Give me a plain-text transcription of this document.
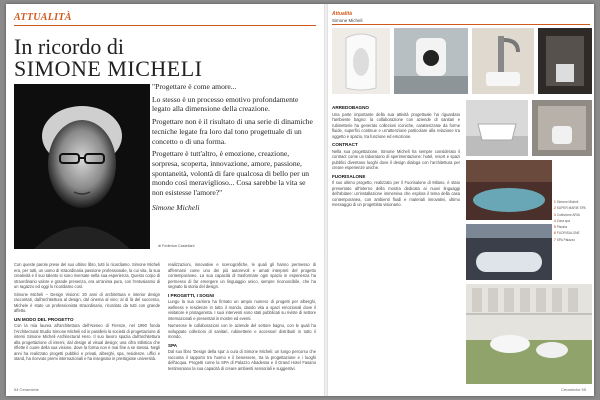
ATTUALITÀ
In ricordo di
SIMONE MICHELI

"Progettare è come amore...

Lo stesso è un processo emotivo profondamente legato alla dimensione della creazione.

Progettare non è il risultato di una serie di dinamiche tecniche legate fra loro dal tono progettuale di un concetto o di una forma.

Progettare è tutt'altro, è emozione, creazione, sorpresa, scoperta, innovazione, amore, passione, spontaneità, volontà di fare qualcosa di bello per un mondo così meraviglioso... Cosa sarebbe la vita se non esistesse l'amore?"

Simone Micheli

di Federica Castellani

Con queste parole prese del suo ultimo libro, tutti lo ricordiamo. Simone Micheli era, per tutti, un uomo di straordinaria passione professionale, la cui vita, la sua creatività e il suo talento si sono riversate nella sua esperienza. Questo corpo di straordinario valore e grande presenza, era un'anima pura, con l'entusiasmo di un ragazzo ed oggi lo ricordiamo così.

Simone Micheli – Design Visions: 30 anni di architettura e interior design raccontati, dall'architettura al design, dal cinema al vino; al di là del successo, Michele è stato un professionista straordinario, ricordato da tutti con grande affetto.

UN MODO DEL PROGETTO

Con la mia laurea all'architettura dell'Ateneo di Firenze, nel 1990 fonda l'Architectural Studio Simone Micheli ed in parallelo la società di progettazione di interni Simone Micheli Architectural Hero. Il suo lavoro spazia dall'architettura alla progettazione di interni, dal design al visual design; una cifra stilistica che riflette il cuore della sua visione, dove la forma non è mai fine a se stessa. Negli anni ha realizzato progetti pubblici e privati, alberghi, spa, residenze, uffici e stand, ha ricevuto premi internazionali e ha insegnato in prestigiose università.

realizzazioni, innovative e scenografiche, le quali gli hanno permesso di affermarsi come uno dei più autorevoli e amati interpreti del progetto contemporaneo. La sua capacità di trasformare ogni spazio in esperienza ha permesso di far emergere un linguaggio unico, sempre riconoscibile, che ha segnato la storia del design.

I PROGETTI, I SOGNI

Lungo la sua carriera ha firmato un ampio numero di progetti per alberghi, wellness e residenze in tutto il mondo, dando vita a spazi emozionali dove il visitatore è protagonista. I suoi interventi sono stati pubblicati su riviste di settore internazionali e presentati in mostre ed eventi.

Numerose le collaborazioni con le aziende del settore bagno, con le quali ha sviluppato collezioni di sanitari, rubinetterie e accessori distribuiti in tutto il mondo.

SPA

Dal suo libro 'Design della spa' a cura di Simone Micheli: un lungo percorso che racconta il rapporto tra l'uomo e il benessere, tra la progettazione e i luoghi dell'acqua. Progetti come la SPA di Palazzo Abadessa e il Grand Hotel Fasano testimoniano la sua capacità di creare ambienti sensoriali e suggestivi.

54 Ceramiche
Attualità
Simone Micheli
ARREDOBAGNO

Una parte importante della sua attività progettuale ha riguardato l'ambiente bagno: la collaborazione con aziende di sanitari e rubinetterie ha generato collezioni iconiche, caratterizzate da forme fluide, superfici continue e un'attenzione particolare alla relazione tra oggetto e spazio, tra funzione ed emozione.

CONTRACT

Nella sua progettazione, Simone Micheli ha sempre considerato il contract come un laboratorio di sperimentazione: hotel, resort e spazi pubblici diventano luoghi dove il design dialoga con l'architettura per creare esperienze uniche.

FUORISALONE

Il suo ultimo progetto, realizzato per il Fuorisalone di Milano, è stato presentato all'interno della mostra dedicata ai nuovi linguaggi dell'abitare: un'installazione immersiva che esplora il tema della casa contemporanea, con ambienti fluidi e materiali innovativi, ultimo messaggio di un progettista visionario.	1Simone Micheli
2SUPER MARIE SPA
3Collezione ARIA
4Zona spa
5Piscina
6FUORISALONE
7SPA Palazzo
Ceramiche 55
